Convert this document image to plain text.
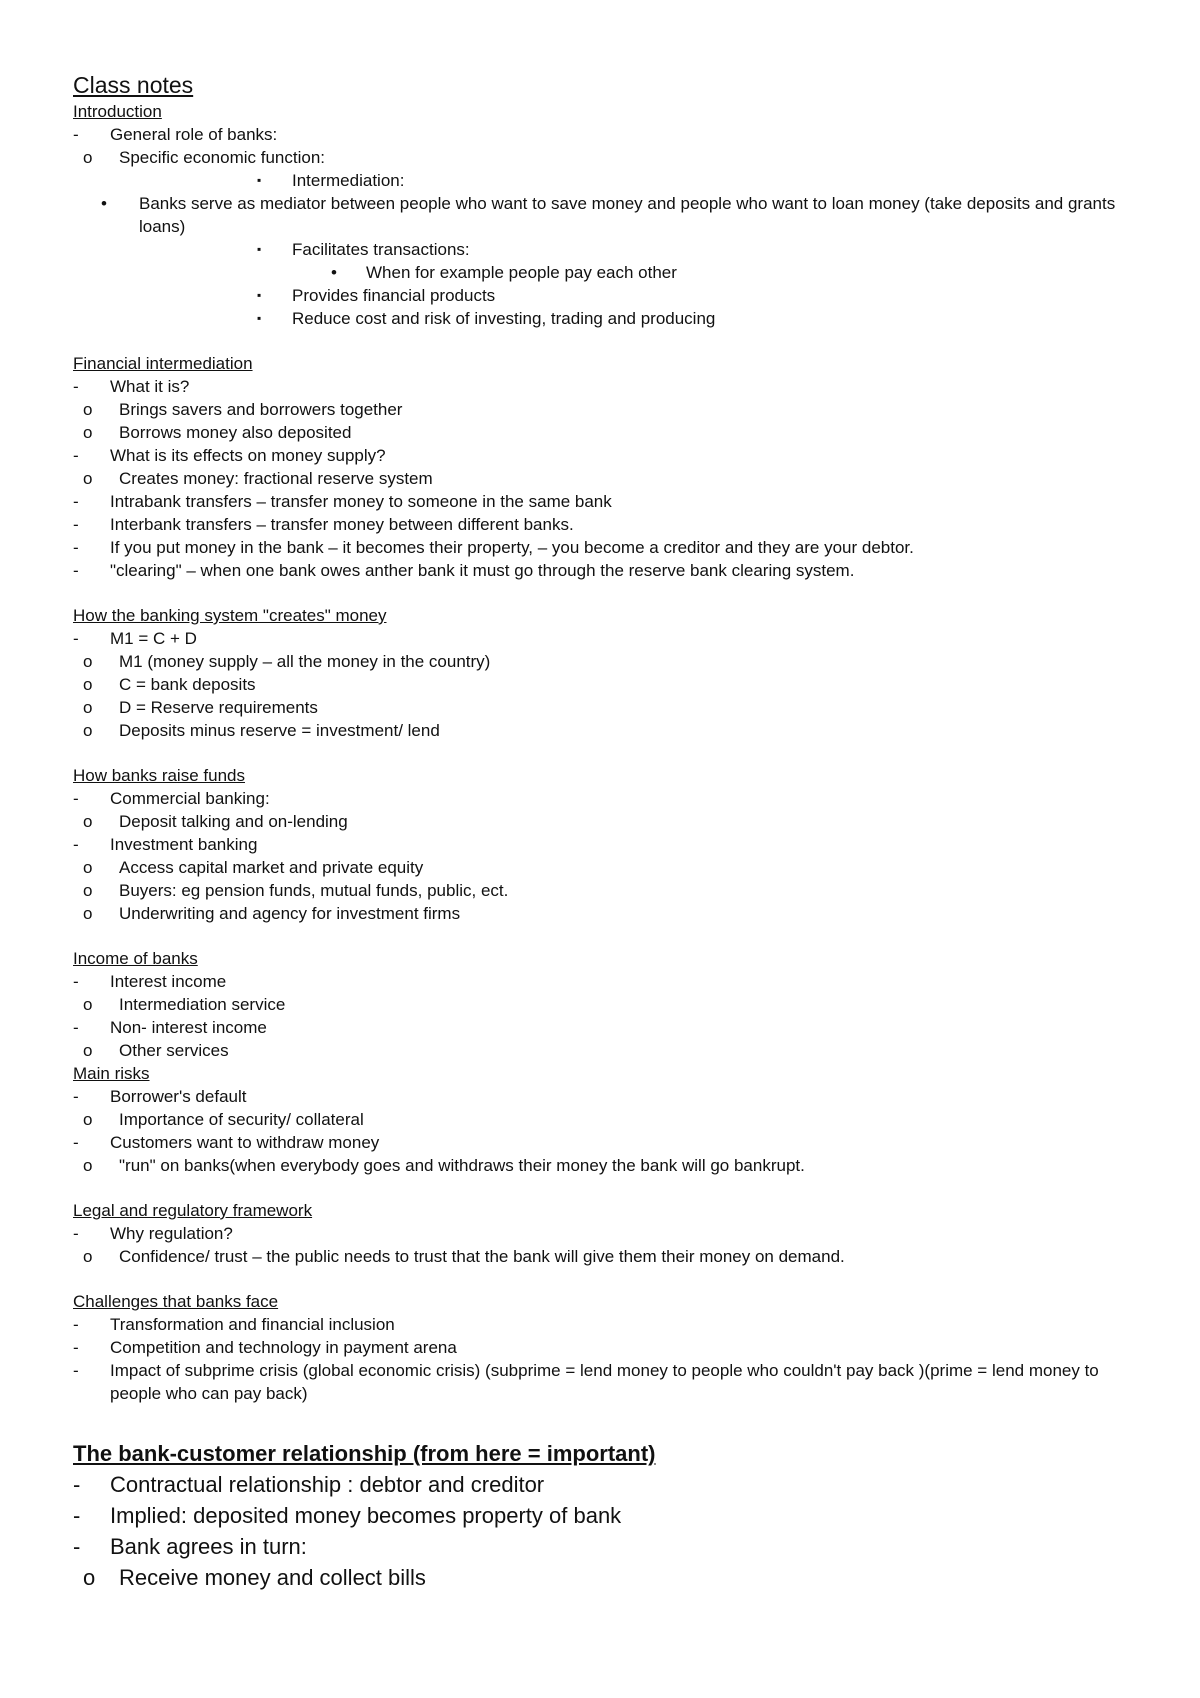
Class notes
Introduction
- General role of banks:
o Specific economic function:
▪ Intermediation:
• Banks serve as mediator between people who want to save money and people who want to loan money (take deposits and grants loans)
▪ Facilitates transactions:
• When for example people pay each other
▪ Provides financial products
▪ Reduce cost and risk of investing, trading and producing
Financial intermediation
- What it is?
o Brings savers and borrowers together
o Borrows money also deposited
- What is its effects on money supply?
o Creates money: fractional reserve system
- Intrabank transfers – transfer money to someone in the same bank
- Interbank transfers – transfer money between different banks.
- If you put money in the bank – it becomes their property, – you become a creditor and they are your debtor.
- "clearing" – when one bank owes anther bank it must go through the reserve bank clearing system.
How the banking system "creates" money
- M1 = C + D
o M1 (money supply – all the money in the country)
o C = bank deposits
o D = Reserve requirements
o Deposits minus reserve = investment/ lend
How banks raise funds
- Commercial banking:
o Deposit talking and on-lending
- Investment banking
o Access capital market and private equity
o Buyers: eg pension funds, mutual funds, public, ect.
o Underwriting and agency for investment firms
Income of banks
- Interest income
o Intermediation service
- Non- interest income
o Other services
Main risks
- Borrower's default
o Importance of security/ collateral
- Customers want to withdraw money
o "run" on banks(when everybody goes and withdraws their money the bank will go bankrupt.
Legal and regulatory framework
- Why regulation?
o Confidence/ trust – the public needs to trust that the bank will give them their money on demand.
Challenges that banks face
- Transformation and financial inclusion
- Competition and technology in payment arena
- Impact of subprime crisis (global economic crisis) (subprime = lend money to people who couldn't pay back )(prime = lend money to people who can pay back)
The bank-customer relationship (from here = important)
- Contractual relationship : debtor and creditor
- Implied: deposited money becomes property of bank
- Bank agrees in turn:
o Receive money and collect bills
